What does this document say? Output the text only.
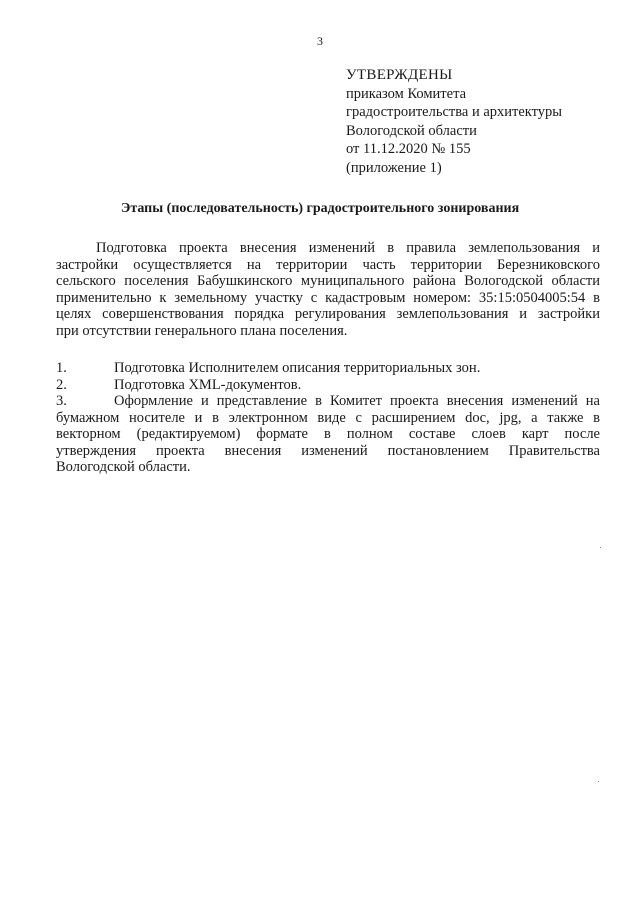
3
УТВЕРЖДЕНЫ
приказом Комитета
градостроительства и архитектуры
Вологодской области
от 11.12.2020 № 155
(приложение 1)
Этапы (последовательность) градостроительного зонирования
Подготовка проекта внесения изменений в правила землепользования и
застройки осуществляется на территории часть территории Березниковского
сельского поселения Бабушкинского муниципального района Вологодской области
применительно к земельному участку с кадастровым номером: 35:15:0504005:54 в
целях совершенствования порядка регулирования землепользования и застройки
при отсутствии генерального плана поселения.
1.	Подготовка Исполнителем описания территориальных зон.
2.	Подготовка XML-документов.
3.	Оформление и представление в Комитет проекта внесения изменений на
бумажном носителе и в электронном виде с расширением doc, jpg, а также в
векторном (редактируемом) формате в полном составе слоев карт после
утверждения проекта внесения изменений постановлением Правительства
Вологодской области.
